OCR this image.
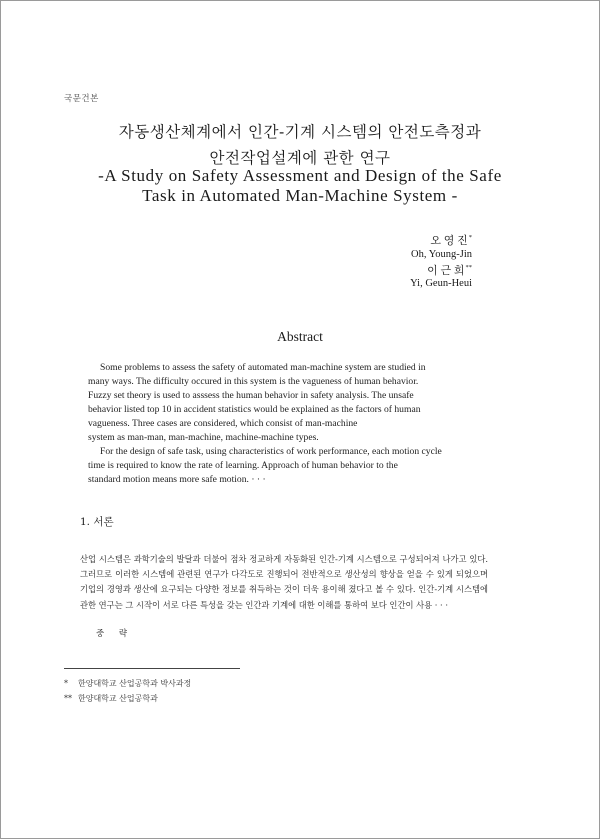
국문건본
자동생산체계에서 인간-기계 시스템의 안전도측정과
안전작업설계에 관한 연구
-A Study on Safety Assessment and Design of the Safe
Task in Automated Man-Machine System -
오 영 진*
Oh, Young-Jin
이 근 희**
Yi, Geun-Heui
Abstract

Some problems to assess the safety of automated man-machine system are studied in
many ways. The difficulty occured in this system is the vagueness of human behavior.
Fuzzy set theory is used to asssess the human behavior in safety analysis. The unsafe
behavior listed top 10 in accident statistics would be explained as the factors of human
vagueness. Three cases are considered, which consist of man-machine
system as man-man, man-machine, machine-machine types.

For the design of safe task, using characteristics of work performance, each motion cycle
time is required to know the rate of learning. Approach of human behavior to the
standard motion means more safe motion. · · ·

1. 서론
산업 시스템은 과학기술의 발달과 더불어 점차 정교하게 자동화된 인간-기계 시스템으로 구성되어져 나가고 있다. 그러므로 이러한 시스템에 관련된 연구가 다각도로 진행되어 전반적으로 생산성의 향상을 얻을 수 있게 되었으며 기업의 경영과 생산에 요구되는 다양한 정보를 취득하는 것이 더욱 용이해 졌다고 볼 수 있다. 인간-기계 시스템에 관한 연구는 그 시작이 서로 다른 특성을 갖는 인간과 기계에 대한 이해를 통하여 보다 인간이 사용 · · ·
중 략
* 한양대학교 산업공학과 박사과정
** 한양대학교 산업공학과
